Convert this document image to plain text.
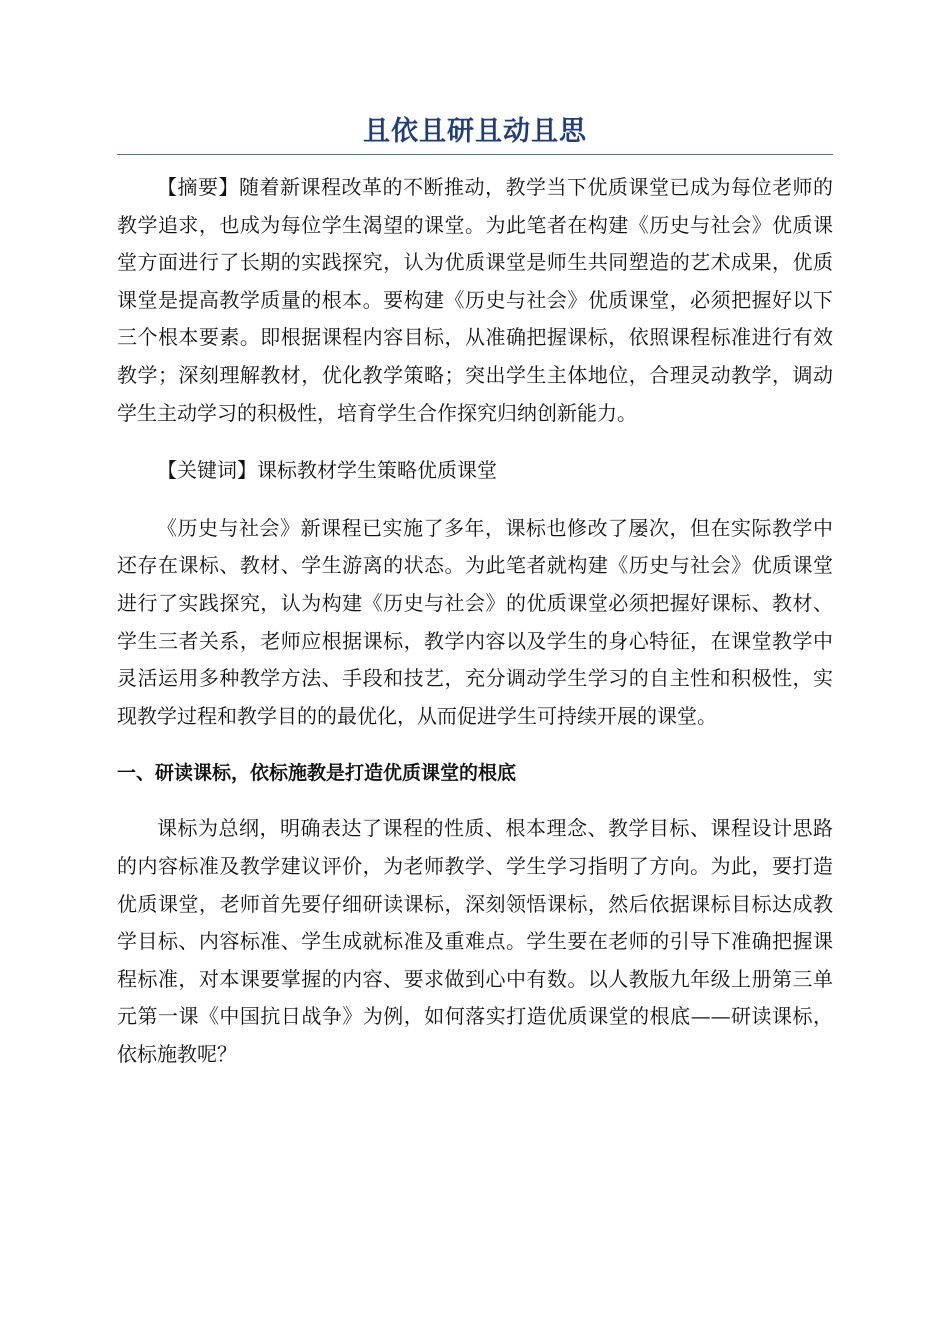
且依且研且动且思

【摘要】随着新课程改革的不断推动，教学当下优质课堂已成为每位老师的教学追求，也成为每位学生渴望的课堂。为此笔者在构建《历史与社会》优质课堂方面进行了长期的实践探究，认为优质课堂是师生共同塑造的艺术成果，优质课堂是提高教学质量的根本。要构建《历史与社会》优质课堂，必须把握好以下三个根本要素。即根据课程内容目标，从准确把握课标，依照课程标准进行有效教学；深刻理解教材，优化教学策略；突出学生主体地位，合理灵动教学，调动学生主动学习的积极性，培育学生合作探究归纳创新能力。

【关键词】课标教材学生策略优质课堂

《历史与社会》新课程已实施了多年，课标也修改了屡次，但在实际教学中还存在课标、教材、学生游离的状态。为此笔者就构建《历史与社会》优质课堂进行了实践探究，认为构建《历史与社会》的优质课堂必须把握好课标、教材、学生三者关系，老师应根据课标，教学内容以及学生的身心特征，在课堂教学中灵活运用多种教学方法、手段和技艺，充分调动学生学习的自主性和积极性，实现教学过程和教学目的的最优化，从而促进学生可持续开展的课堂。

一、研读课标，依标施教是打造优质课堂的根底

课标为总纲，明确表达了课程的性质、根本理念、教学目标、课程设计思路的内容标准及教学建议评价，为老师教学、学生学习指明了方向。为此，要打造优质课堂，老师首先要仔细研读课标，深刻领悟课标，然后依据课标目标达成教学目标、内容标准、学生成就标准及重难点。学生要在老师的引导下准确把握课程标准，对本课要掌握的内容、要求做到心中有数。以人教版九年级上册第三单元第一课《中国抗日战争》为例，如何落实打造优质课堂的根底——研读课标，依标施教呢？
